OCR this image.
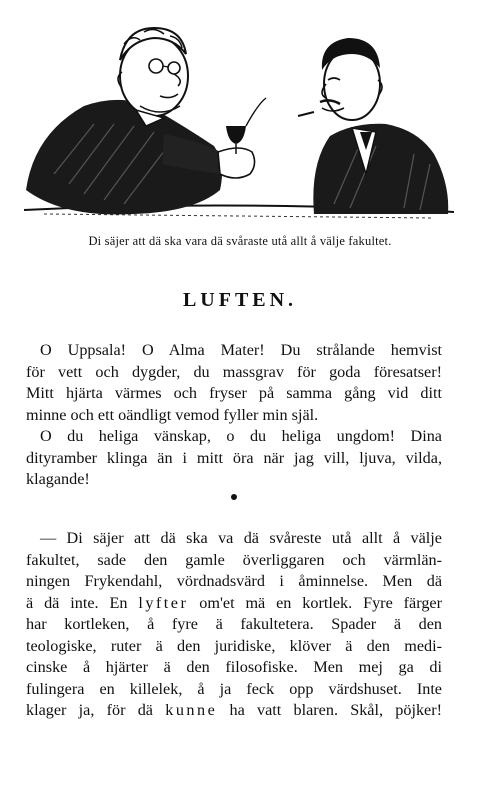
Di säjer att dä ska vara dä svåraste utå allt å välje fakultet.
LUFTEN.

O Uppsala! O Alma Mater! Du strålande hemvist
för vett och dygder, du massgrav för goda föresatser!
Mitt hjärta värmes och fryser på samma gång vid ditt
minne och ett oändligt vemod fyller min själ.

O du heliga vänskap, o du heliga ungdom! Dina
dityramber klinga än i mitt öra när jag vill, ljuva, vilda,
klagande!

— Di säjer att dä ska va dä svåreste utå allt å välje
fakultet, sade den gamle överliggaren och värmlän-
ningen Frykendahl, vördnadsvärd i åminnelse. Men dä
ä dä inte. En lyfter om'et mä en kortlek. Fyre färger
har kortleken, å fyre ä fakultetera. Spader ä den
teologiske, ruter ä den juridiske, klöver ä den medi-
cinske å hjärter ä den filosofiske. Men mej ga di
fulingera en killelek, å ja feck opp värdshuset. Inte
klager ja, för dä kunne ha vatt blaren. Skål, pöjker!
